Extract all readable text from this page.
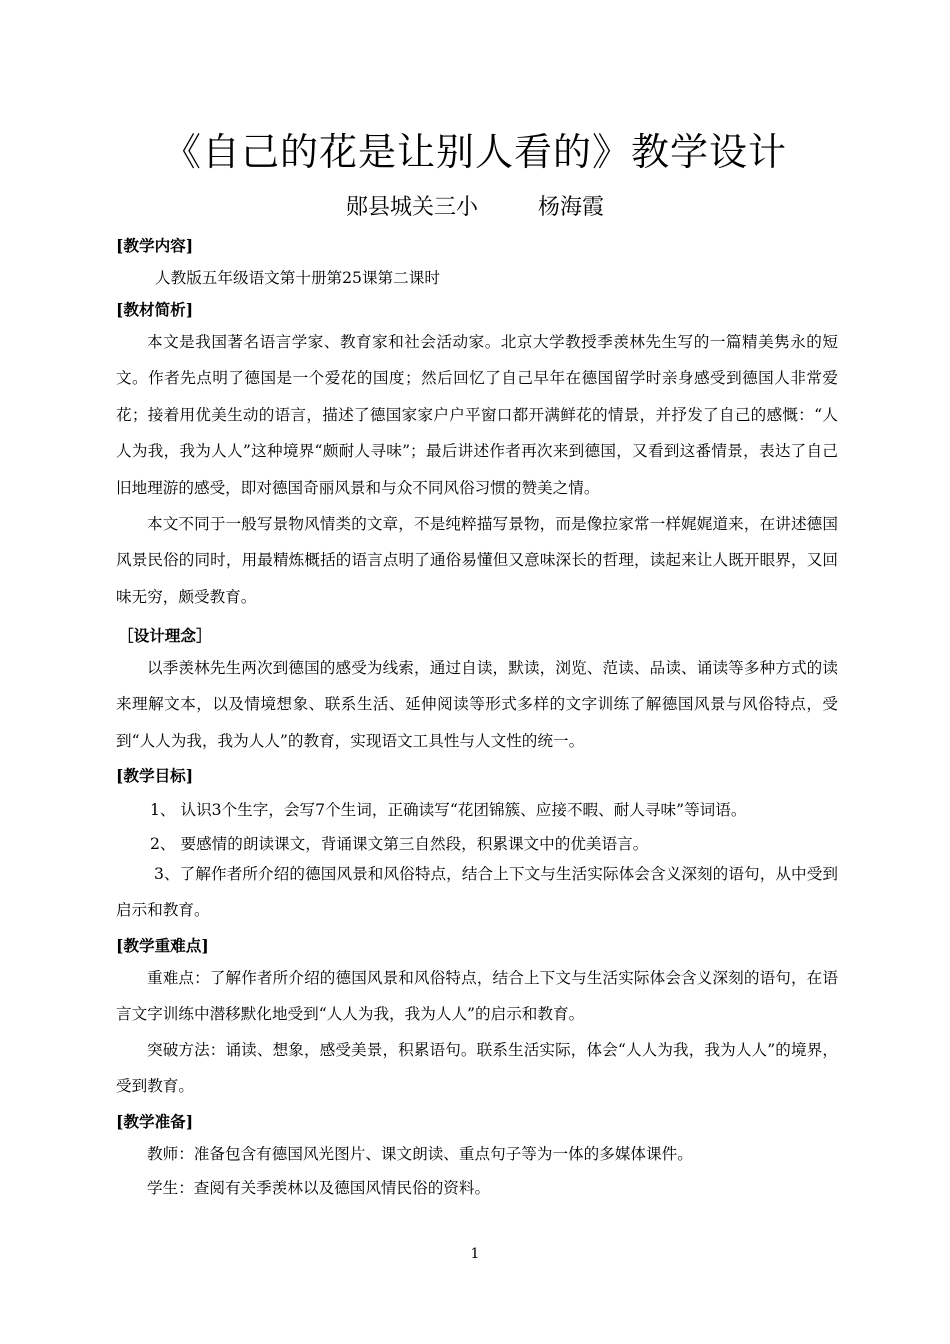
《自己的花是让别人看的》教学设计
郧县城关三小	杨海霞
[教学内容]
人教版五年级语文第十册第25课第二课时
[教材简析]

本文是我国著名语言学家、教育家和社会活动家。北京大学教授季羡林先生写的一篇精美隽永的短文。作者先点明了德国是一个爱花的国度；然后回忆了自己早年在德国留学时亲身感受到德国人非常爱花；接着用优美生动的语言，描述了德国家家户户平窗口都开满鲜花的情景，并抒发了自己的感慨：“人人为我，我为人人”这种境界“颇耐人寻味”；最后讲述作者再次来到德国，又看到这番情景，表达了自己旧地理游的感受，即对德国奇丽风景和与众不同风俗习惯的赞美之情。

本文不同于一般写景物风情类的文章，不是纯粹描写景物，而是像拉家常一样娓娓道来，在讲述德国风景民俗的同时，用最精炼概括的语言点明了通俗易懂但又意味深长的哲理，读起来让人既开眼界，又回味无穷，颇受教育。

［设计理念］

以季羡林先生两次到德国的感受为线索，通过自读，默读，浏览、范读、品读、诵读等多种方式的读来理解文本，以及情境想象、联系生活、延伸阅读等形式多样的文字训练了解德国风景与风俗特点，受到“人人为我，我为人人”的教育，实现语文工具性与人文性的统一。

[教学目标]
1、 认识3个生字，会写7个生词，正确读写“花团锦簇、应接不暇、耐人寻味”等词语。
2、 要感情的朗读课文，背诵课文第三自然段，积累课文中的优美语言。

3、了解作者所介绍的德国风景和风俗特点，结合上下文与生活实际体会含义深刻的语句，从中受到启示和教育。

[教学重难点]

重难点：了解作者所介绍的德国风景和风俗特点，结合上下文与生活实际体会含义深刻的语句，在语言文字训练中潜移默化地受到“人人为我，我为人人”的启示和教育。

突破方法：诵读、想象，感受美景，积累语句。联系生活实际，体会“人人为我，我为人人”的境界，受到教育。

[教学准备]
教师：准备包含有德国风光图片、课文朗读、重点句子等为一体的多媒体课件。
学生：查阅有关季羡林以及德国风情民俗的资料。
1
